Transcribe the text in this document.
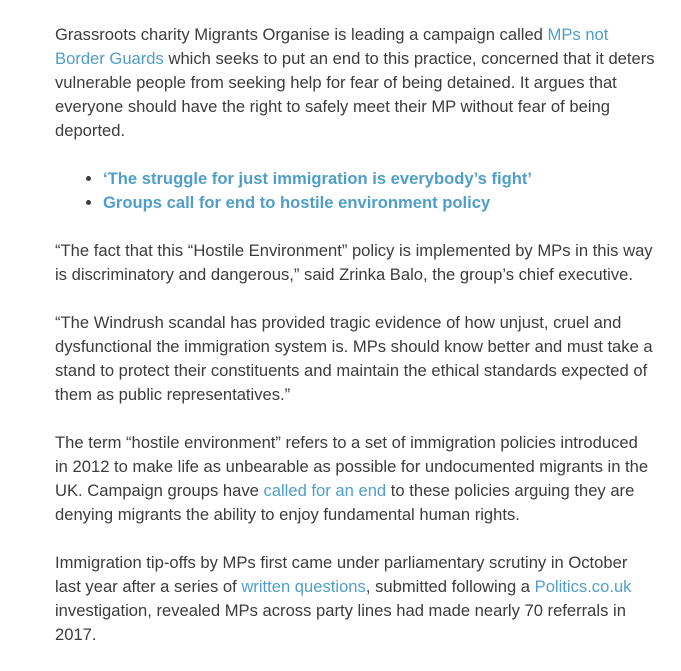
Grassroots charity Migrants Organise is leading a campaign called MPs not Border Guards which seeks to put an end to this practice, concerned that it deters vulnerable people from seeking help for fear of being detained. It argues that everyone should have the right to safely meet their MP without fear of being deported.

• ‘The struggle for just immigration is everybody’s fight’
• Groups call for end to hostile environment policy

“The fact that this “Hostile Environment” policy is implemented by MPs in this way is discriminatory and dangerous,” said Zrinka Balo, the group’s chief executive.

“The Windrush scandal has provided tragic evidence of how unjust, cruel and dysfunctional the immigration system is. MPs should know better and must take a stand to protect their constituents and maintain the ethical standards expected of them as public representatives.”

The term “hostile environment” refers to a set of immigration policies introduced in 2012 to make life as unbearable as possible for undocumented migrants in the UK. Campaign groups have called for an end to these policies arguing they are denying migrants the ability to enjoy fundamental human rights.

Immigration tip-offs by MPs first came under parliamentary scrutiny in October last year after a series of written questions, submitted following a Politics.co.uk investigation, revealed MPs across party lines had made nearly 70 referrals in 2017.
